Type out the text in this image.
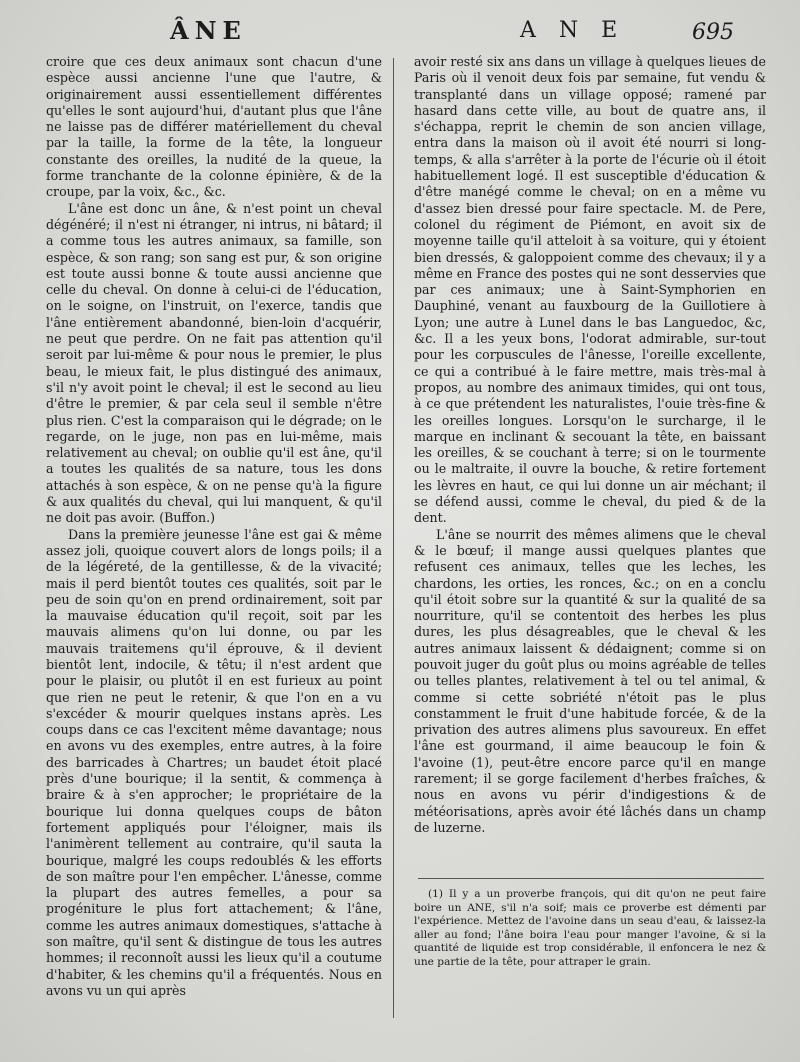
ÂNE	A N E	695

croire que ces deux animaux sont chacun d'une espèce aussi ancienne l'une que l'autre, & originairement aussi essentiellement différentes qu'elles le sont aujourd'hui, d'autant plus que l'âne ne laisse pas de différer matériellement du cheval par la taille, la forme de la tête, la longueur constante des oreilles, la nudité de la queue, la forme tranchante de la colonne épinière, & de la croupe, par la voix, &c., &c.

L'âne est donc un âne, & n'est point un cheval dégénéré; il n'est ni étranger, ni intrus, ni bâtard; il a comme tous les autres animaux, sa famille, son espèce, & son rang; son sang est pur, & son origine est toute aussi bonne & toute aussi ancienne que celle du cheval. On donne à celui-ci de l'éducation, on le soigne, on l'instruit, on l'exerce, tandis que l'âne entièrement abandonné, bien-loin d'acquérir, ne peut que perdre. On ne fait pas attention qu'il seroit par lui-même & pour nous le premier, le plus beau, le mieux fait, le plus distingué des animaux, s'il n'y avoit point le cheval; il est le second au lieu d'être le premier, & par cela seul il semble n'être plus rien. C'est la comparaison qui le dégrade; on le regarde, on le juge, non pas en lui-même, mais relativement au cheval; on oublie qu'il est âne, qu'il a toutes les qualités de sa nature, tous les dons attachés à son espèce, & on ne pense qu'à la figure & aux qualités du cheval, qui lui manquent, & qu'il ne doit pas avoir. (Buffon.)

Dans la première jeunesse l'âne est gai & même assez joli, quoique couvert alors de longs poils; il a de la légéreté, de la gentillesse, & de la vivacité; mais il perd bientôt toutes ces qualités, soit par le peu de soin qu'on en prend ordinairement, soit par la mauvaise éducation qu'il reçoit, soit par les mauvais alimens qu'on lui donne, ou par les mauvais traitemens qu'il éprouve, & il devient bientôt lent, indocile, & têtu; il n'est ardent que pour le plaisir, ou plutôt il en est furieux au point que rien ne peut le retenir, & que l'on en a vu s'excéder & mourir quelques instans après. Les coups dans ce cas l'excitent même davantage; nous en avons vu des exemples, entre autres, à la foire des barricades à Chartres; un baudet étoit placé près d'une bourique; il la sentit, & commença à braire & à s'en approcher; le propriétaire de la bourique lui donna quelques coups de bâton fortement appliqués pour l'éloigner, mais ils l'animèrent tellement au contraire, qu'il sauta la bourique, malgré les coups redoublés & les efforts de son maître pour l'en empêcher. L'ânesse, comme la plupart des autres femelles, a pour sa progéniture le plus fort attachement; & l'âne, comme les autres animaux domestiques, s'attache à son maître, qu'il sent & distingue de tous les autres hommes; il reconnoît aussi les lieux qu'il a coutume d'habiter, & les chemins qu'il a fréquentés. Nous en avons vu un qui après

avoir resté six ans dans un village à quelques lieues de Paris où il venoit deux fois par semaine, fut vendu & transplanté dans un village opposé; ramené par hasard dans cette ville, au bout de quatre ans, il s'échappa, reprit le chemin de son ancien village, entra dans la maison où il avoit été nourri si long-temps, & alla s'arrêter à la porte de l'écurie où il étoit habituellement logé. Il est susceptible d'éducation & d'être manégé comme le cheval; on en a même vu d'assez bien dressé pour faire spectacle. M. de Pere, colonel du régiment de Piémont, en avoit six de moyenne taille qu'il atteloit à sa voiture, qui y étoient bien dressés, & galoppoient comme des chevaux; il y a même en France des postes qui ne sont desservies que par ces animaux; une à Saint-Symphorien en Dauphiné, venant au fauxbourg de la Guillotiere à Lyon; une autre à Lunel dans le bas Languedoc, &c, &c. Il a les yeux bons, l'odorat admirable, sur-tout pour les corpuscules de l'ânesse, l'oreille excellente, ce qui a contribué à le faire mettre, mais très-mal à propos, au nombre des animaux timides, qui ont tous, à ce que prétendent les naturalistes, l'ouie très-fine & les oreilles longues. Lorsqu'on le surcharge, il le marque en inclinant & secouant la tête, en baissant les oreilles, & se couchant à terre; si on le tourmente ou le maltraite, il ouvre la bouche, & retire fortement les lèvres en haut, ce qui lui donne un air méchant; il se défend aussi, comme le cheval, du pied & de la dent.

L'âne se nourrit des mêmes alimens que le cheval & le bœuf; il mange aussi quelques plantes que refusent ces animaux, telles que les leches, les chardons, les orties, les ronces, &c.; on en a conclu qu'il étoit sobre sur la quantité & sur la qualité de sa nourriture, qu'il se contentoit des herbes les plus dures, les plus désagreables, que le cheval & les autres animaux laissent & dédaignent; comme si on pouvoit juger du goût plus ou moins agréable de telles ou telles plantes, relativement à tel ou tel animal, & comme si cette sobriété n'étoit pas le plus constamment le fruit d'une habitude forcée, & de la privation des autres alimens plus savoureux. En effet l'âne est gourmand, il aime beaucoup le foin & l'avoine (1), peut-être encore parce qu'il en mange rarement; il se gorge facilement d'herbes fraîches, & nous en avons vu périr d'indigestions & de météorisations, après avoir été lâchés dans un champ de luzerne.

(1) Il y a un proverbe françois, qui dit qu'on ne peut faire boire un ANE, s'il n'a soif; mais ce proverbe est démenti par l'expérience. Mettez de l'avoine dans un seau d'eau, & laissez-la aller au fond; l'âne boira l'eau pour manger l'avoine, & si la quantité de liquide est trop considérable, il enfoncera le nez & une partie de la tête, pour attraper le grain.
